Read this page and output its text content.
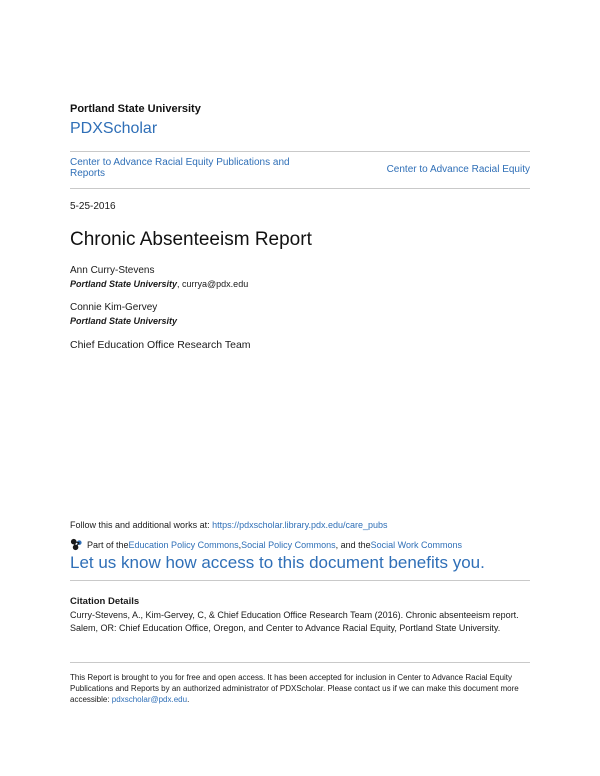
Portland State University
PDXScholar
Center to Advance Racial Equity Publications and Reports	Center to Advance Racial Equity
5-25-2016
Chronic Absenteeism Report
Ann Curry-Stevens
Portland State University, currya@pdx.edu
Connie Kim-Gervey
Portland State University
Chief Education Office Research Team
Follow this and additional works at: https://pdxscholar.library.pdx.edu/care_pubs
Part of the Education Policy Commons , Social Policy Commons , and the Social Work Commons
Let us know how access to this document benefits you.
Citation Details
Curry-Stevens, A., Kim-Gervey, C, & Chief Education Office Research Team (2016). Chronic absenteeism report. Salem, OR: Chief Education Office, Oregon, and Center to Advance Racial Equity, Portland State University.
This Report is brought to you for free and open access. It has been accepted for inclusion in Center to Advance Racial Equity Publications and Reports by an authorized administrator of PDXScholar. Please contact us if we can make this document more accessible: pdxscholar@pdx.edu.
